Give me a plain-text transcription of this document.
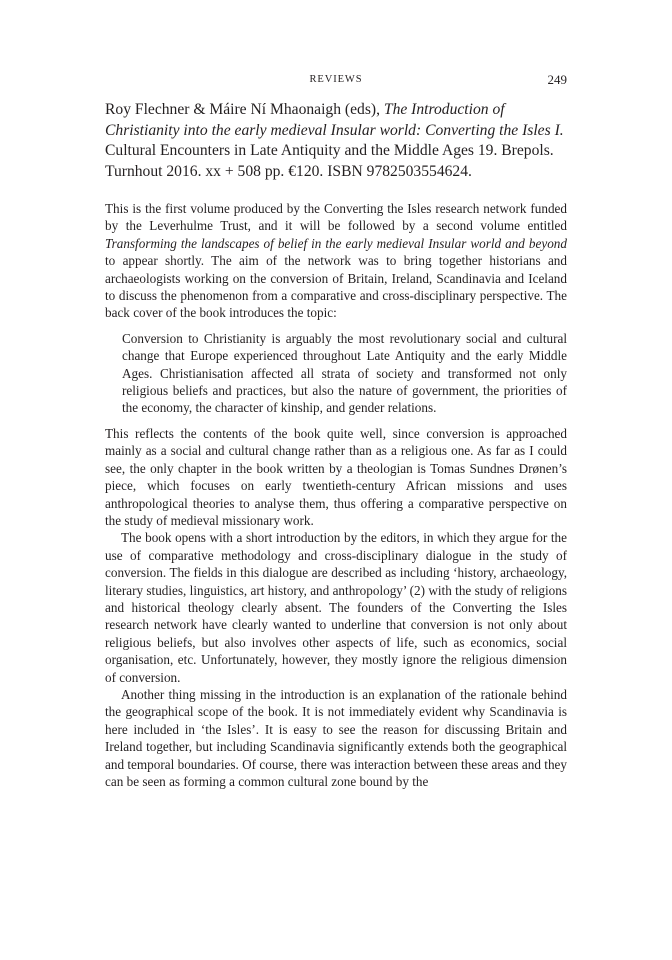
REVIEWS	249

Roy Flechner & Máire Ní Mhaonaigh (eds), The Introduction of Christianity into the early medieval Insular world: Converting the Isles I. Cultural Encounters in Late Antiquity and the Middle Ages 19. Brepols. Turnhout 2016. xx + 508 pp. €120. ISBN 9782503554624.

This is the first volume produced by the Converting the Isles research network funded by the Leverhulme Trust, and it will be followed by a second volume entitled Transforming the landscapes of belief in the early medieval Insular world and beyond to appear shortly. The aim of the network was to bring together historians and archaeologists working on the conversion of Britain, Ireland, Scandinavia and Iceland to discuss the phenomenon from a comparative and cross-disciplinary perspective. The back cover of the book introduces the topic:

Conversion to Christianity is arguably the most revolutionary social and cultural change that Europe experienced throughout Late Antiquity and the early Middle Ages. Christianisation affected all strata of society and transformed not only religious beliefs and practices, but also the nature of government, the priorities of the economy, the character of kinship, and gender relations.

This reflects the contents of the book quite well, since conversion is approached mainly as a social and cultural change rather than as a religious one. As far as I could see, the only chapter in the book written by a theologian is Tomas Sundnes Drønen’s piece, which focuses on early twentieth-century African missions and uses anthropological theories to analyse them, thus offering a comparative perspective on the study of medieval missionary work.

The book opens with a short introduction by the editors, in which they argue for the use of comparative methodology and cross-disciplinary dialogue in the study of conversion. The fields in this dialogue are described as including ‘history, archaeology, literary studies, linguistics, art history, and anthropology’ (2) with the study of religions and historical theology clearly absent. The founders of the Converting the Isles research network have clearly wanted to underline that conversion is not only about religious beliefs, but also involves other aspects of life, such as economics, social organisation, etc. Unfortunately, however, they mostly ignore the religious dimension of conversion.

Another thing missing in the introduction is an explanation of the rationale behind the geographical scope of the book. It is not immediately evident why Scandinavia is here included in ‘the Isles’. It is easy to see the reason for discussing Britain and Ireland together, but including Scandinavia significantly extends both the geographical and temporal boundaries. Of course, there was interaction between these areas and they can be seen as forming a common cultural zone bound by the
